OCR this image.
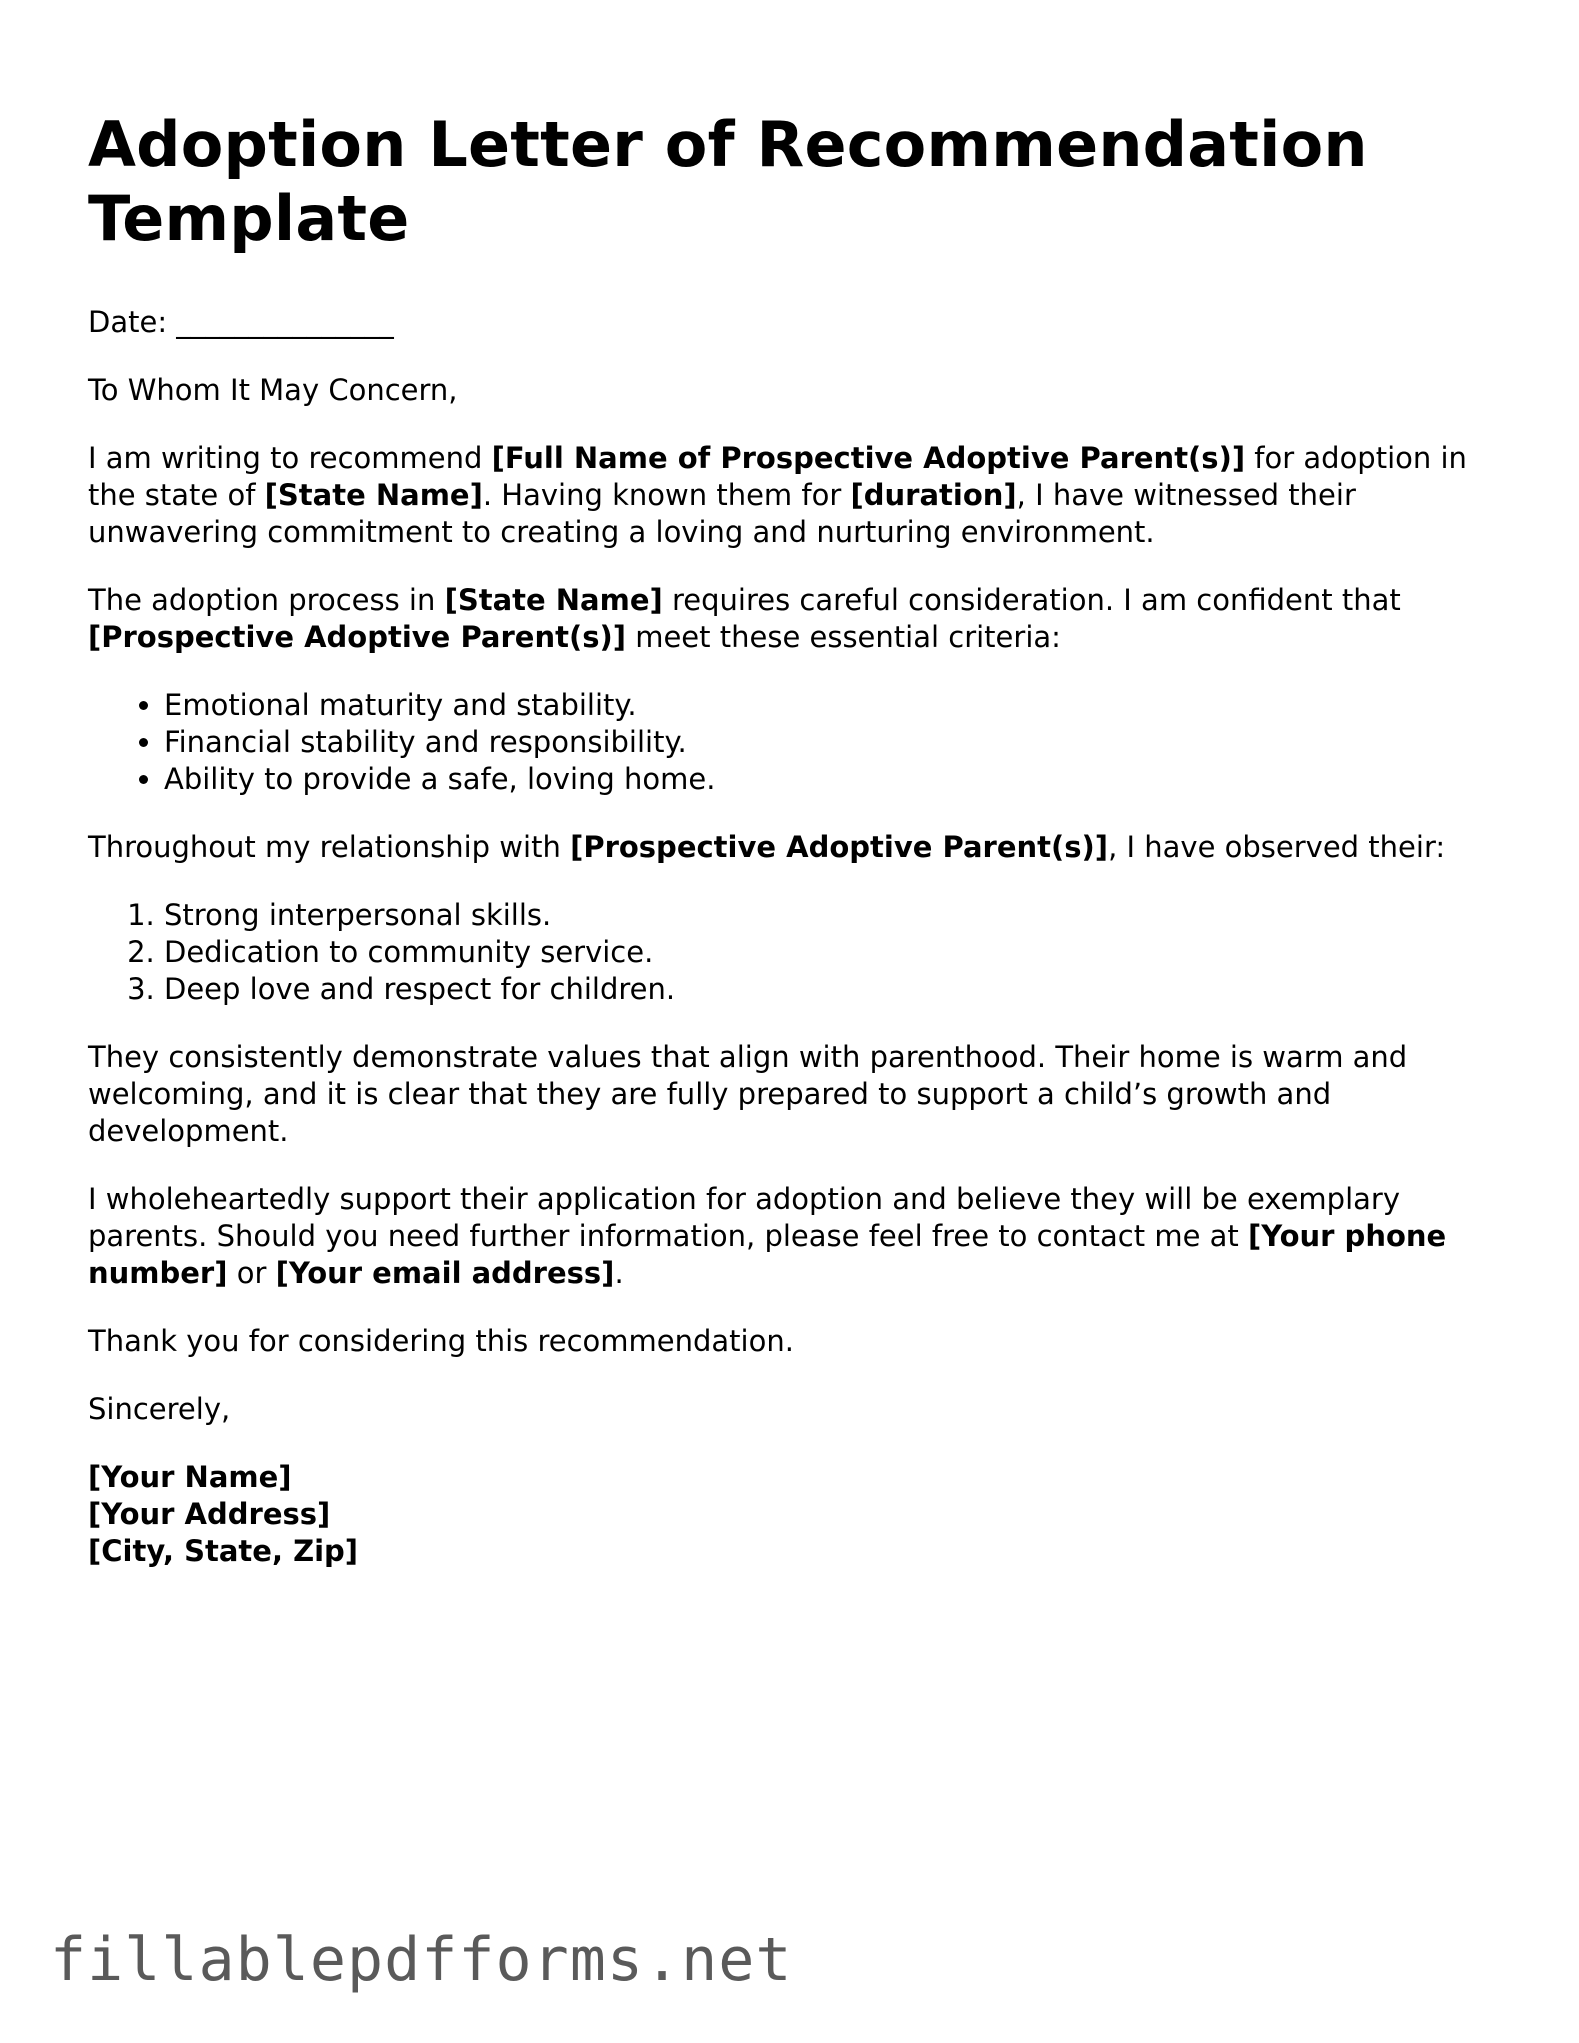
Adoption Letter of Recommendation Template

Date: _______________

To Whom It May Concern,

I am writing to recommend [Full Name of Prospective Adoptive Parent(s)] for adoption in the state of [State Name]. Having known them for [duration], I have witnessed their unwavering commitment to creating a loving and nurturing environment.

The adoption process in [State Name] requires careful consideration. I am confident that [Prospective Adoptive Parent(s)] meet these essential criteria:

• Emotional maturity and stability.
• Financial stability and responsibility.
• Ability to provide a safe, loving home.

Throughout my relationship with [Prospective Adoptive Parent(s)], I have observed their:

1. Strong interpersonal skills.
2. Dedication to community service.
3. Deep love and respect for children.

They consistently demonstrate values that align with parenthood. Their home is warm and welcoming, and it is clear that they are fully prepared to support a child’s growth and development.

I wholeheartedly support their application for adoption and believe they will be exemplary parents. Should you need further information, please feel free to contact me at [Your phone number] or [Your email address].

Thank you for considering this recommendation.

Sincerely,

[Your Name]
[Your Address]
[City, State, Zip]

fillablepdfforms.net
